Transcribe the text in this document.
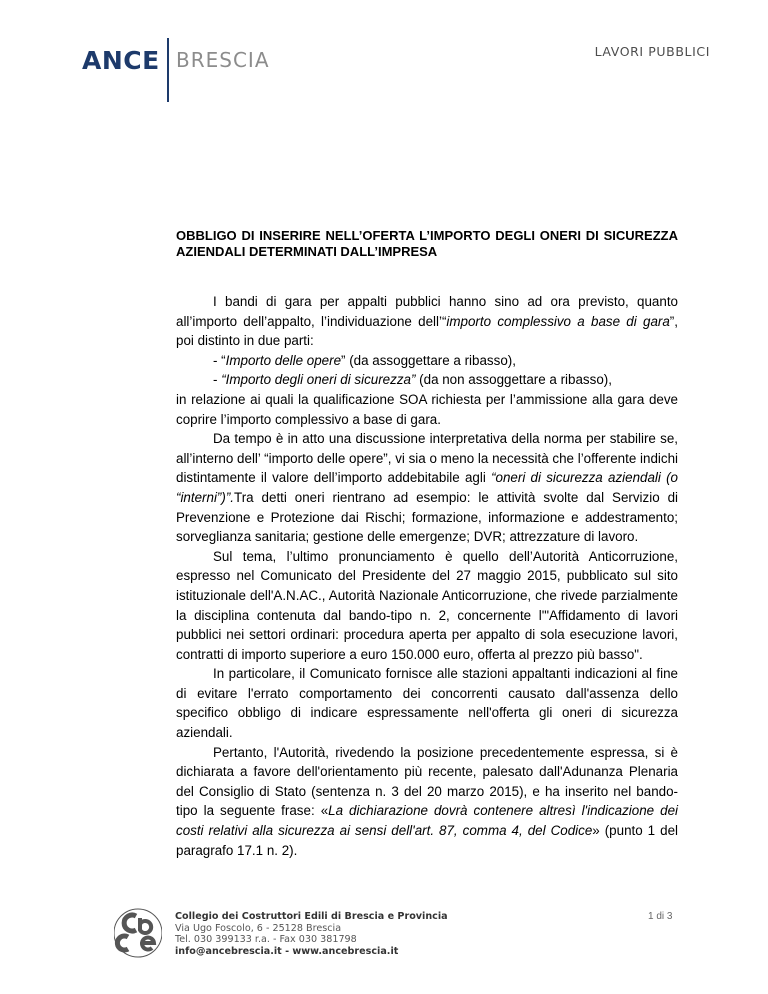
ANCE BRESCIA	LAVORI PUBBLICI
OBBLIGO DI INSERIRE NELL’OFERTA L’IMPORTO DEGLI ONERI DI SICUREZZA AZIENDALI DETERMINATI DALL’IMPRESA

I bandi di gara per appalti pubblici hanno sino ad ora previsto, quanto all’importo dell’appalto, l’individuazione dell’“importo complessivo a base di gara”, poi distinto in due parti:

- “Importo delle opere” (da assoggettare a ribasso),

- “Importo degli oneri di sicurezza” (da non assoggettare a ribasso),

in relazione ai quali la qualificazione SOA richiesta per l’ammissione alla gara deve coprire l’importo complessivo a base di gara.

Da tempo è in atto una discussione interpretativa della norma per stabilire se, all’interno dell’ “importo delle opere”, vi sia o meno la necessità che l’offerente indichi distintamente il valore dell’importo addebitabile agli “oneri di sicurezza aziendali (o “interni”)”.Tra detti oneri rientrano ad esempio: le attività svolte dal Servizio di Prevenzione e Protezione dai Rischi; formazione, informazione e addestramento; sorveglianza sanitaria; gestione delle emergenze; DVR; attrezzature di lavoro.

Sul tema, l’ultimo pronunciamento è quello dell’Autorità Anticorruzione, espresso nel Comunicato del Presidente del 27 maggio 2015, pubblicato sul sito istituzionale dell'A.N.AC., Autorità Nazionale Anticorruzione, che rivede parzialmente la disciplina contenuta dal bando-tipo n. 2, concernente l'"Affidamento di lavori pubblici nei settori ordinari: procedura aperta per appalto di sola esecuzione lavori, contratti di importo superiore a euro 150.000 euro, offerta al prezzo più basso".

In particolare, il Comunicato fornisce alle stazioni appaltanti indicazioni al fine di evitare l'errato comportamento dei concorrenti causato dall'assenza dello specifico obbligo di indicare espressamente nell'offerta gli oneri di sicurezza aziendali.

Pertanto, l'Autorità, rivedendo la posizione precedentemente espressa, si è dichiarata a favore dell'orientamento più recente, palesato dall'Adunanza Plenaria del Consiglio di Stato (sentenza n. 3 del 20 marzo 2015), e ha inserito nel bando-tipo la seguente frase: «La dichiarazione dovrà contenere altresì l'indicazione dei costi relativi alla sicurezza ai sensi dell'art. 87, comma 4, del Codice» (punto 1 del paragrafo 17.1 n. 2).

Collegio dei Costruttori Edili di Brescia e Provincia
Via Ugo Foscolo, 6 - 25128 Brescia
Tel. 030 399133 r.a. - Fax 030 381798
info@ancebrescia.it - www.ancebrescia.it
1 di 3
